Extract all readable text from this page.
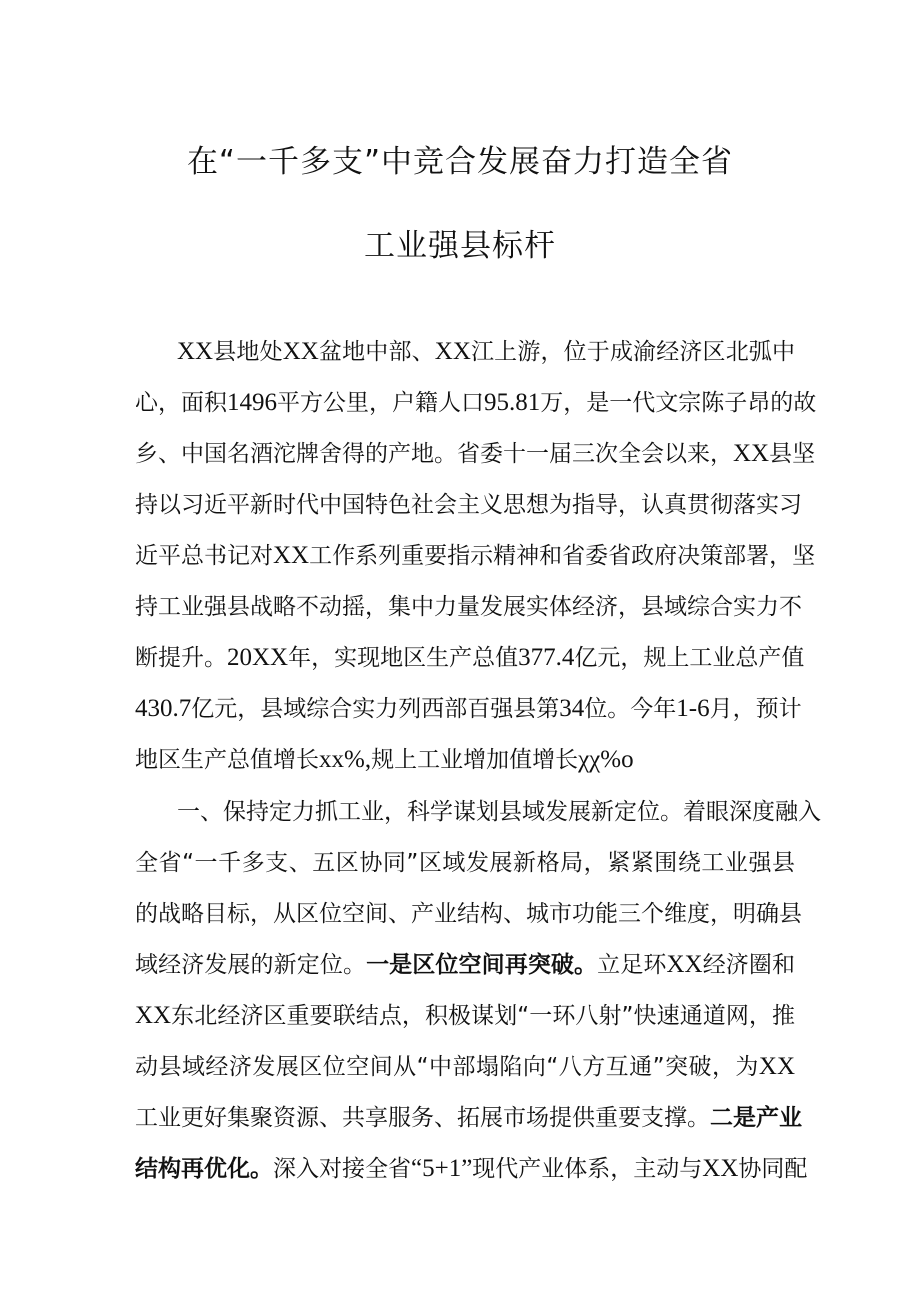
在“一千多支”中竞合发展奋力打造全省
工业强县标杆
XX县地处XX盆地中部、XX江上游，位于成渝经济区北弧中
心，面积1496平方公里，户籍人口95.81万，是一代文宗陈子昂的故
乡、中国名酒沱牌舍得的产地。省委十一届三次全会以来，XX县坚
持以习近平新时代中国特色社会主义思想为指导，认真贯彻落实习
近平总书记对XX工作系列重要指示精神和省委省政府决策部署，坚
持工业强县战略不动摇，集中力量发展实体经济，县域综合实力不
断提升。20XX年，实现地区生产总值377.4亿元，规上工业总产值
430.7亿元，县域综合实力列西部百强县第34位。今年1-6月，预计
地区生产总值增长xx%,规上工业增加值增长χχ%o
一、保持定力抓工业，科学谋划县域发展新定位。着眼深度融入
全省“一千多支、五区协同”区域发展新格局，紧紧围绕工业强县
的战略目标，从区位空间、产业结构、城市功能三个维度，明确县
域经济发展的新定位。一是区位空间再突破。立足环XX经济圈和
XX东北经济区重要联结点，积极谋划“一环八射”快速通道网，推
动县域经济发展区位空间从“中部塌陷向“八方互通”突破，为XX
工业更好集聚资源、共享服务、拓展市场提供重要支撑。二是产业
结构再优化。深入对接全省“5+1”现代产业体系，主动与XX协同配
